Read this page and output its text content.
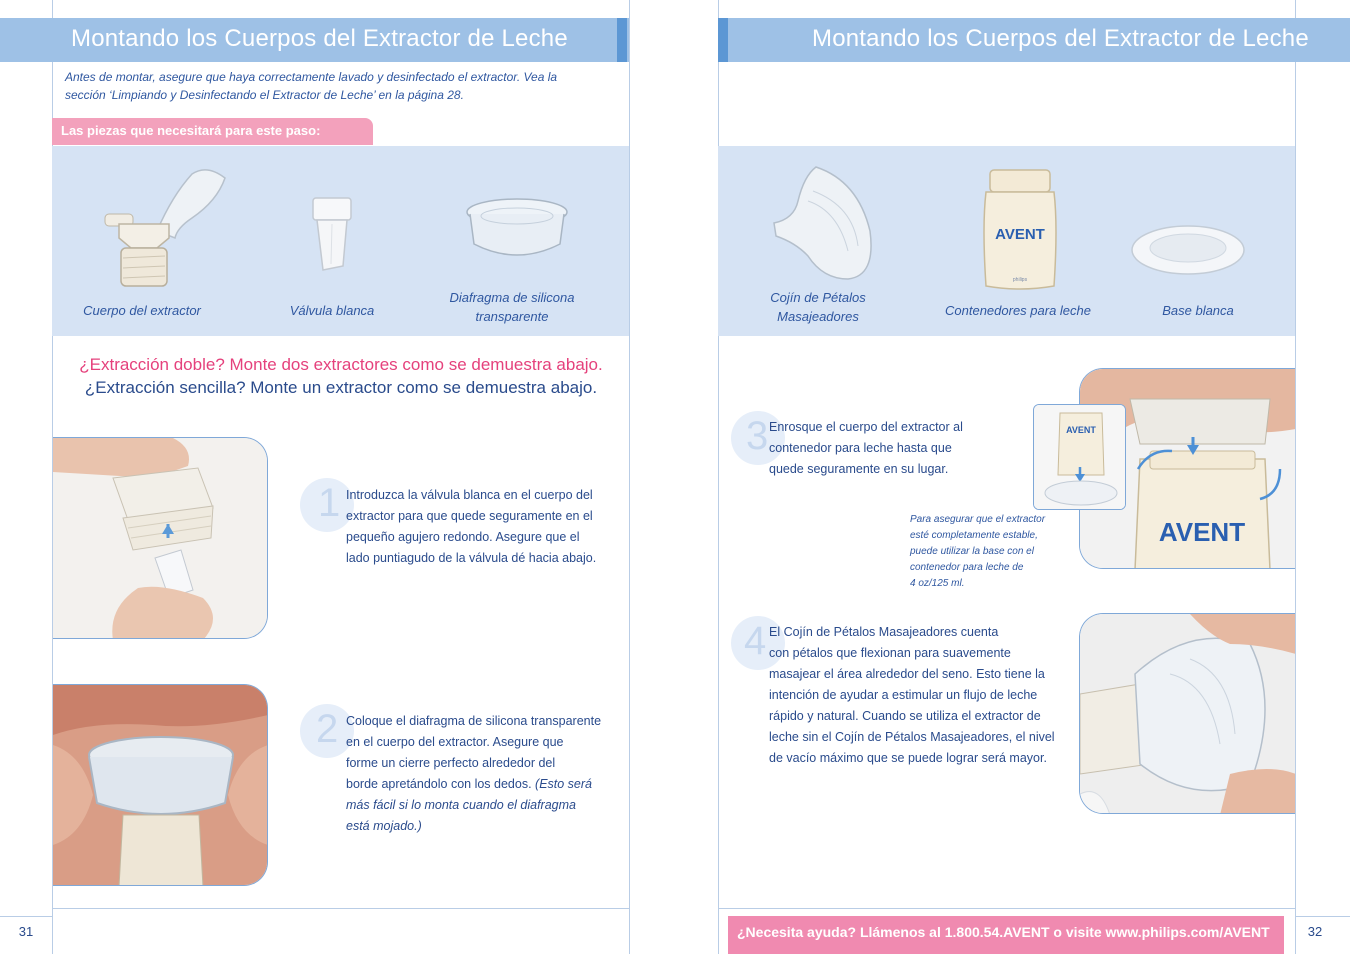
Montando los Cuerpos del Extractor de Leche
Antes de montar, asegure que haya correctamente lavado y desinfectado el extractor. Vea la sección ‘Limpiando y Desinfectando el Extractor de Leche’ en la página 28.
Las piezas que necesitará para este paso:
Cuerpo del extractor	Válvula blanca
Diafragma de silicona
transparente
¿Extracción doble? Monte dos extractores como se demuestra abajo.
¿Extracción sencilla? Monte un extractor como se demuestra abajo.
1 Introduzca la válvula blanca en el cuerpo del
extractor para que quede seguramente en el
pequeño agujero redondo. Asegure que el
lado puntiagudo de la válvula dé hacia abajo.
2 Coloque el diafragma de silicona transparente
en el cuerpo del extractor. Asegure que
forme un cierre perfecto alrededor del
borde apretándolo con los dedos. (Esto será
más fácil si lo monta cuando el diafragma
está mojado.)
31
Montando los Cuerpos del Extractor de Leche
AVENT
philips
Cojín de Pétalos
Masajeadores	Contenedores para leche	Base blanca
3 Enrosque el cuerpo del extractor al
contenedor para leche hasta que
quede seguramente en su lugar.
AVENT
AVENT
Para asegurar que el extractor
esté completamente estable,
puede utilizar la base con el
contenedor para leche de
4 oz/125 ml.
4 El Cojín de Pétalos Masajeadores cuenta
con pétalos que flexionan para suavemente
masajear el área alrededor del seno. Esto tiene la
intención de ayudar a estimular un flujo de leche
rápido y natural. Cuando se utiliza el extractor de
leche sin el Cojín de Pétalos Masajeadores, el nivel
de vacío máximo que se puede lograr será mayor.
¿Necesita ayuda? Llámenos al 1.800.54.AVENT o visite www.philips.com/AVENT	32
